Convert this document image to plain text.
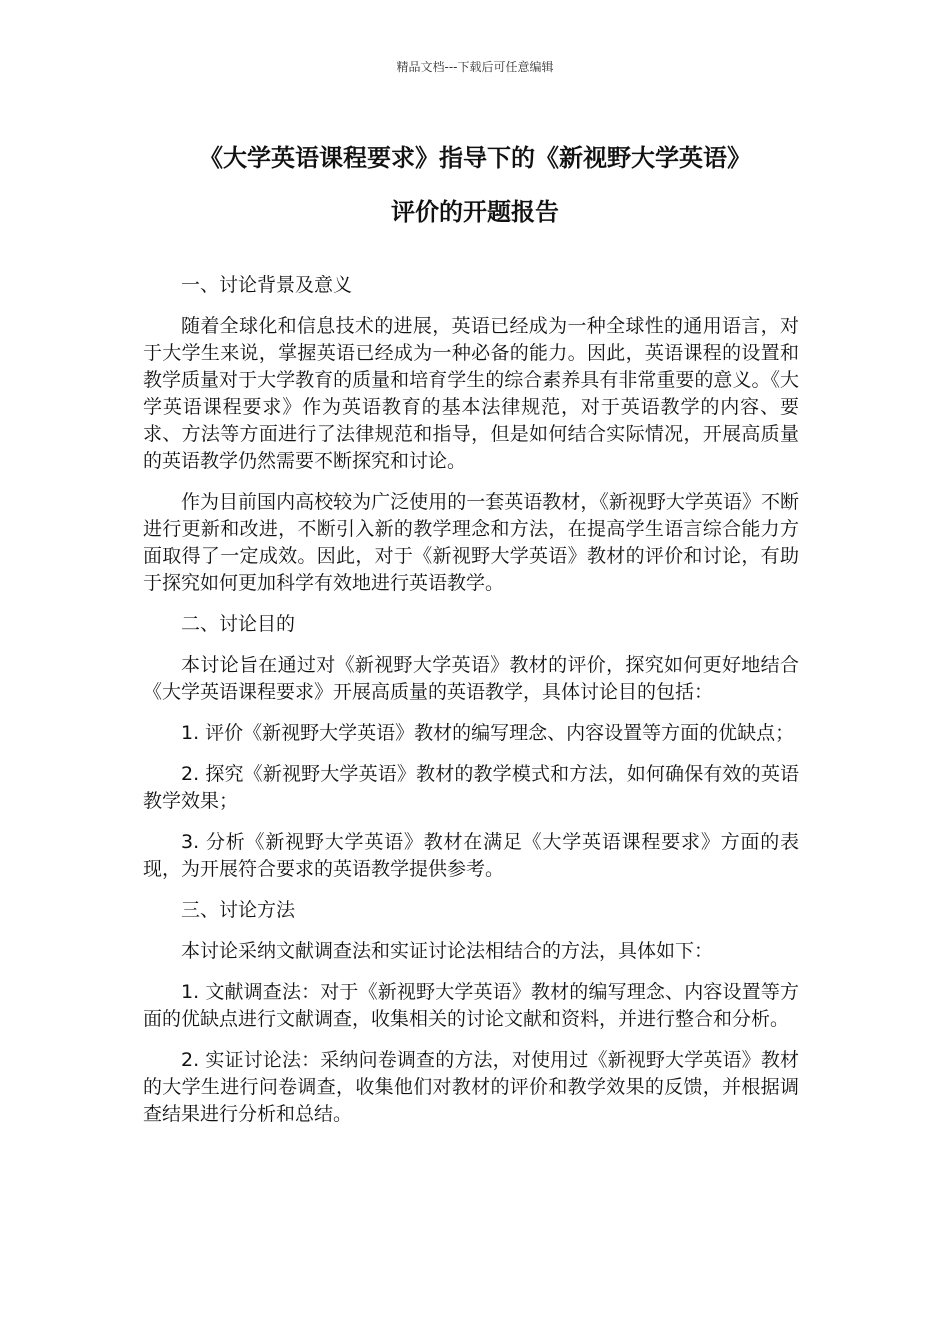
精品文档---下载后可任意编辑
《大学英语课程要求》指导下的《新视野大学英语》
评价的开题报告

一、讨论背景及意义

随着全球化和信息技术的进展，英语已经成为一种全球性的通用语言，对于大学生来说，掌握英语已经成为一种必备的能力。因此，英语课程的设置和教学质量对于大学教育的质量和培育学生的综合素养具有非常重要的意义。《大学英语课程要求》作为英语教育的基本法律规范，对于英语教学的内容、要求、方法等方面进行了法律规范和指导，但是如何结合实际情况，开展高质量的英语教学仍然需要不断探究和讨论。

作为目前国内高校较为广泛使用的一套英语教材，《新视野大学英语》不断进行更新和改进，不断引入新的教学理念和方法，在提高学生语言综合能力方面取得了一定成效。因此，对于《新视野大学英语》教材的评价和讨论，有助于探究如何更加科学有效地进行英语教学。

二、讨论目的

本讨论旨在通过对《新视野大学英语》教材的评价，探究如何更好地结合《大学英语课程要求》开展高质量的英语教学，具体讨论目的包括：

1. 评价《新视野大学英语》教材的编写理念、内容设置等方面的优缺点；

2. 探究《新视野大学英语》教材的教学模式和方法，如何确保有效的英语教学效果；

3. 分析《新视野大学英语》教材在满足《大学英语课程要求》方面的表现，为开展符合要求的英语教学提供参考。

三、讨论方法

本讨论采纳文献调查法和实证讨论法相结合的方法，具体如下：

1. 文献调查法：对于《新视野大学英语》教材的编写理念、内容设置等方面的优缺点进行文献调查，收集相关的讨论文献和资料，并进行整合和分析。

2. 实证讨论法：采纳问卷调查的方法，对使用过《新视野大学英语》教材的大学生进行问卷调查，收集他们对教材的评价和教学效果的反馈，并根据调查结果进行分析和总结。
